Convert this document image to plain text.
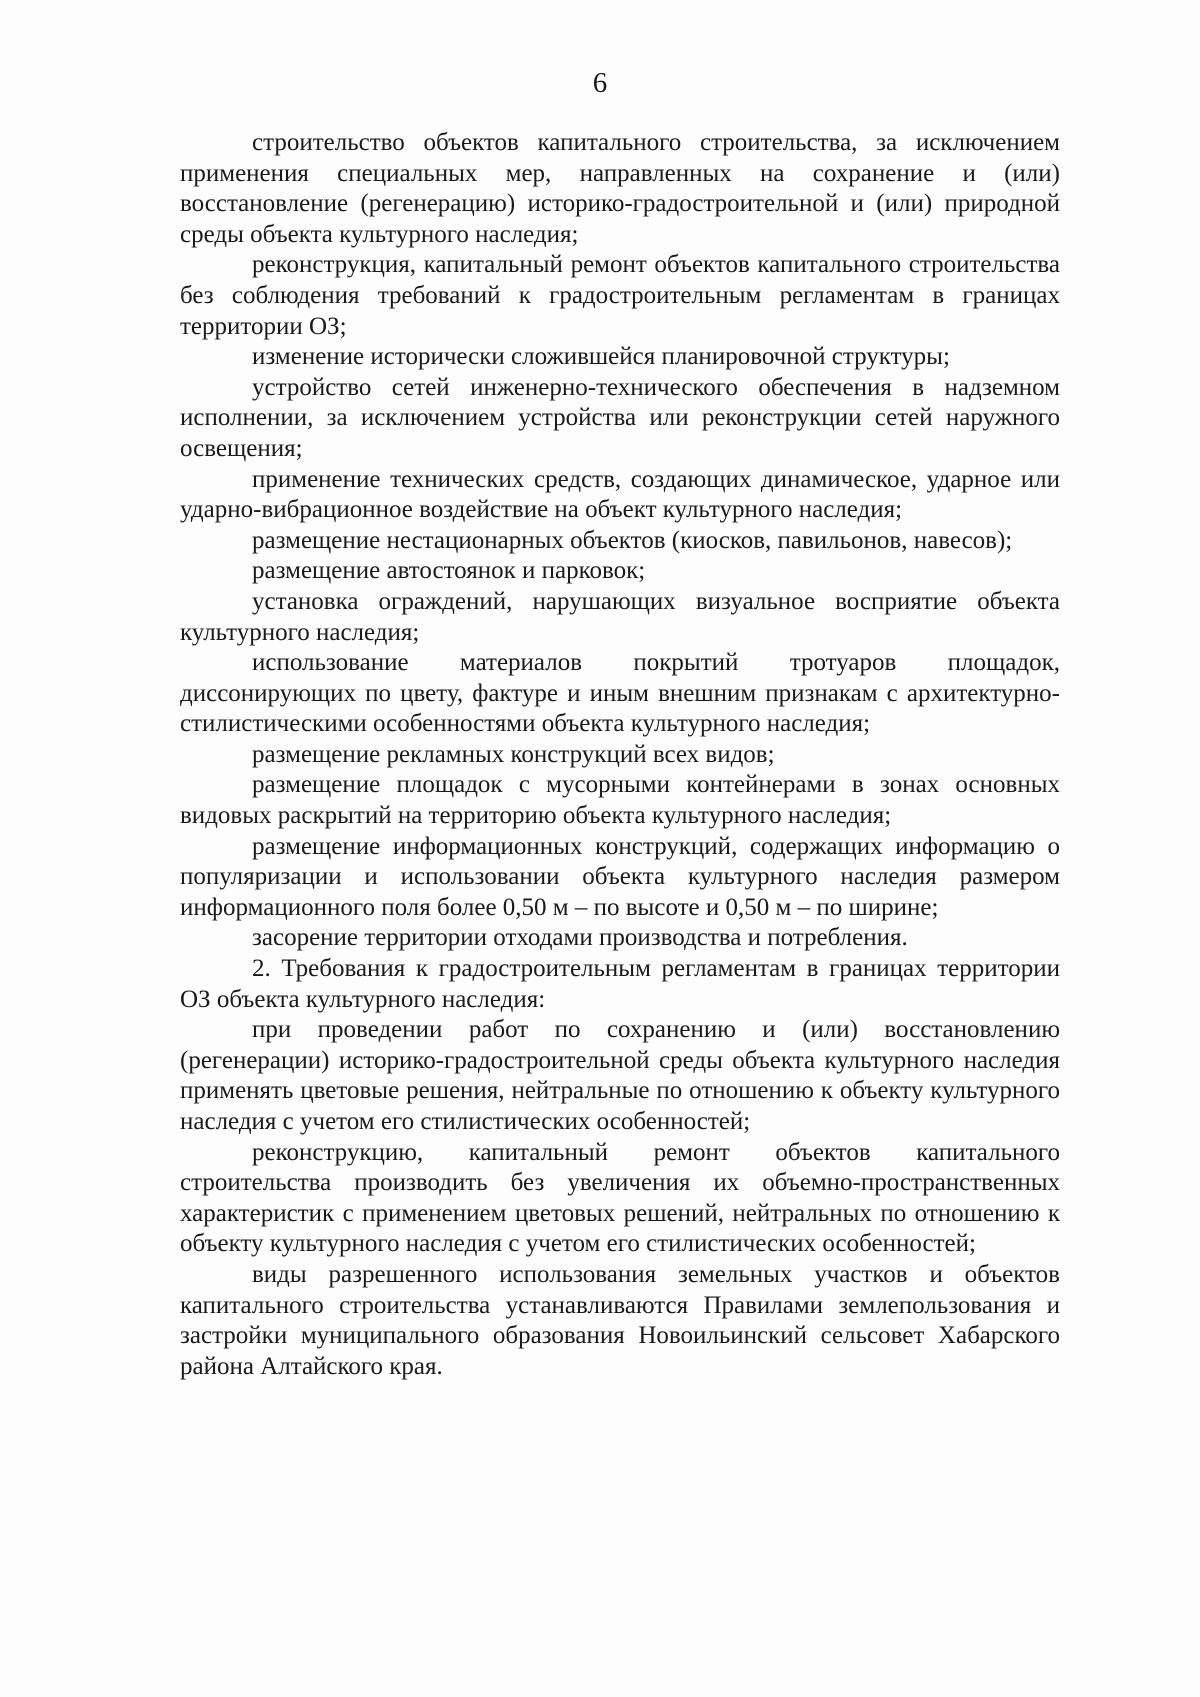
6

строительство объектов капитального строительства, за исключением применения специальных мер, направленных на сохранение и (или) восстановление (регенерацию) историко-градостроительной и (или) природной среды объекта культурного наследия;

реконструкция, капитальный ремонт объектов капитального строительства без соблюдения требований к градостроительным регламентам в границах территории ОЗ;

изменение исторически сложившейся планировочной структуры;

устройство сетей инженерно-технического обеспечения в надземном исполнении, за исключением устройства или реконструкции сетей наружного освещения;

применение технических средств, создающих динамическое, ударное или ударно-вибрационное воздействие на объект культурного наследия;

размещение нестационарных объектов (киосков, павильонов, навесов);

размещение автостоянок и парковок;

установка ограждений, нарушающих визуальное восприятие объекта культурного наследия;

использование материалов покрытий тротуаров площадок, диссонирующих по цвету, фактуре и иным внешним признакам с архитектурно-стилистическими особенностями объекта культурного наследия;

размещение рекламных конструкций всех видов;

размещение площадок с мусорными контейнерами в зонах основных видовых раскрытий на территорию объекта культурного наследия;

размещение информационных конструкций, содержащих информацию о популяризации и использовании объекта культурного наследия размером информационного поля более 0,50 м – по высоте и 0,50 м – по ширине;

засорение территории отходами производства и потребления.

2. Требования к градостроительным регламентам в границах территории ОЗ объекта культурного наследия:

при проведении работ по сохранению и (или) восстановлению (регенерации) историко-градостроительной среды объекта культурного наследия применять цветовые решения, нейтральные по отношению к объекту культурного наследия с учетом его стилистических особенностей;

реконструкцию, капитальный ремонт объектов капитального строительства производить без увеличения их объемно-пространственных характеристик с применением цветовых решений, нейтральных по отношению к объекту культурного наследия с учетом его стилистических особенностей;

виды разрешенного использования земельных участков и объектов капитального строительства устанавливаются Правилами землепользования и застройки муниципального образования Новоильинский сельсовет Хабарского района Алтайского края.
